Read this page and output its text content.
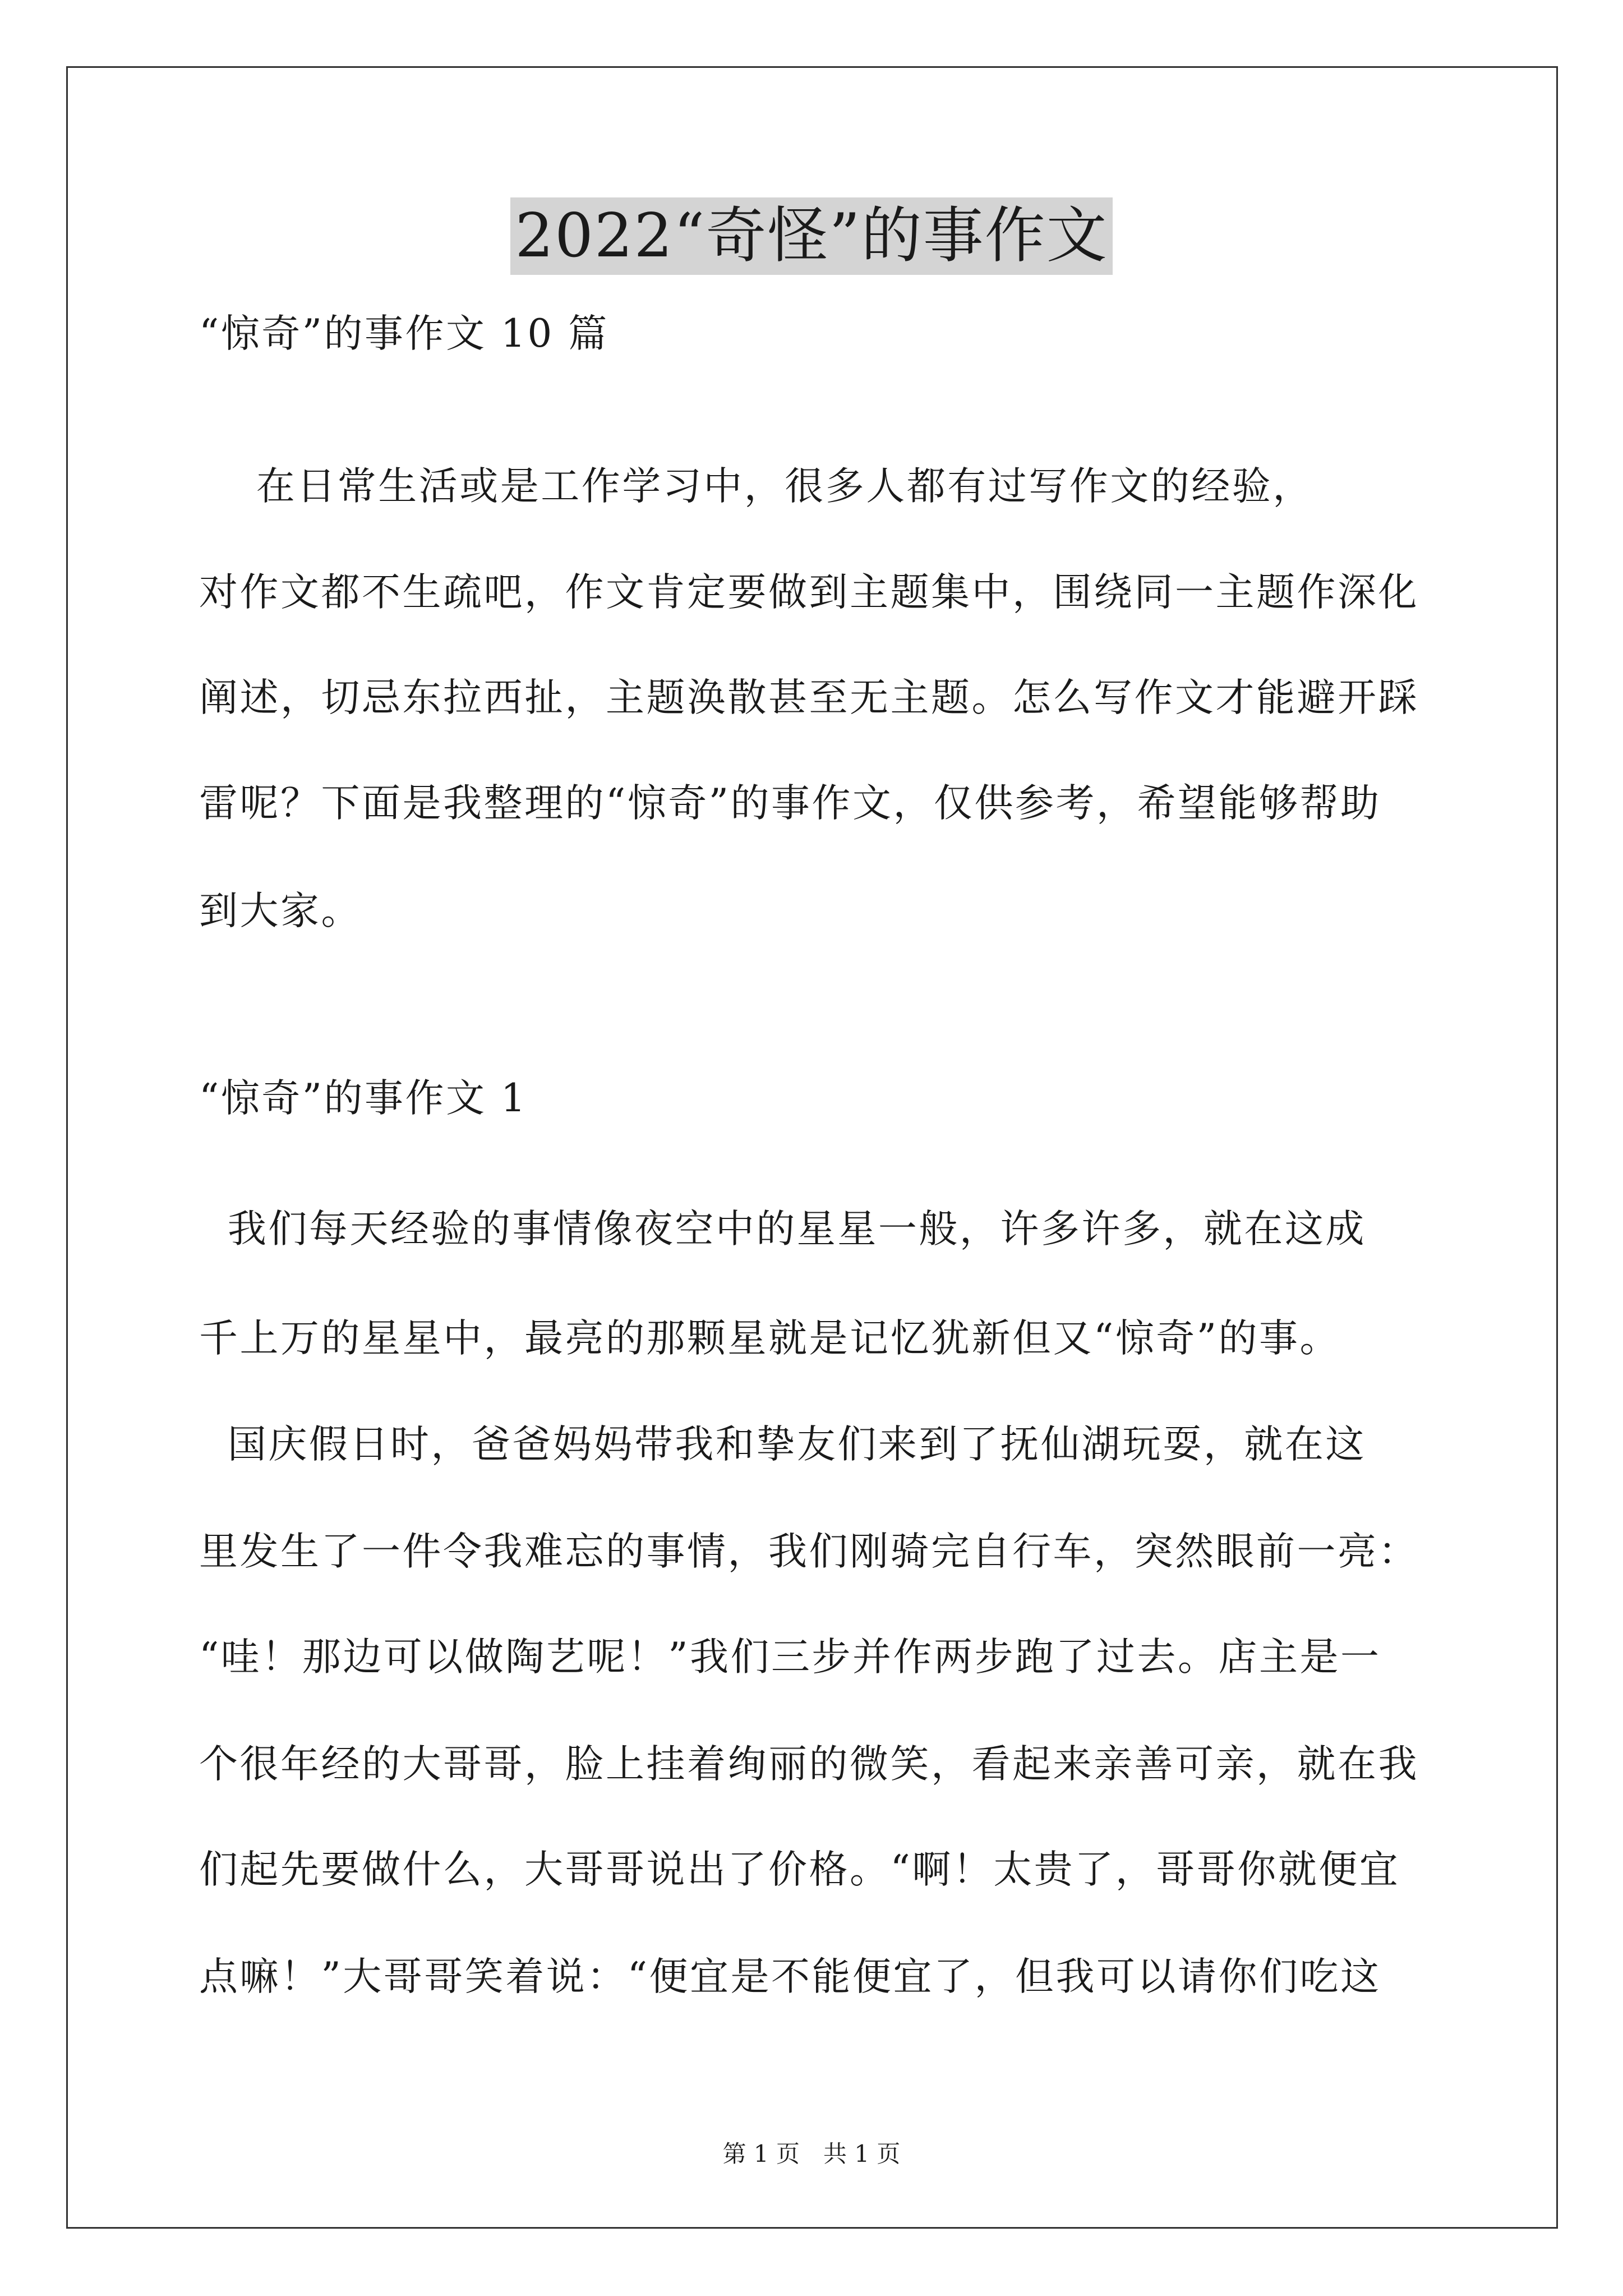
2022“奇怪”的事作文
“惊奇”的事作文 10 篇
在日常生活或是工作学习中，很多人都有过写作文的经验，
对作文都不生疏吧，作文肯定要做到主题集中，围绕同一主题作深化
阐述，切忌东拉西扯，主题涣散甚至无主题。怎么写作文才能避开踩
雷呢？下面是我整理的“惊奇”的事作文，仅供参考，希望能够帮助
到大家。
“惊奇”的事作文 1
我们每天经验的事情像夜空中的星星一般，许多许多，就在这成
千上万的星星中，最亮的那颗星就是记忆犹新但又“惊奇”的事。
国庆假日时，爸爸妈妈带我和挚友们来到了抚仙湖玩耍，就在这
里发生了一件令我难忘的事情，我们刚骑完自行车，突然眼前一亮：
“哇！那边可以做陶艺呢！”我们三步并作两步跑了过去。店主是一
个很年经的大哥哥，脸上挂着绚丽的微笑，看起来亲善可亲，就在我
们起先要做什么，大哥哥说出了价格。“啊！太贵了，哥哥你就便宜
点嘛！”大哥哥笑着说：“便宜是不能便宜了，但我可以请你们吃这
第 1 页　共 1 页
